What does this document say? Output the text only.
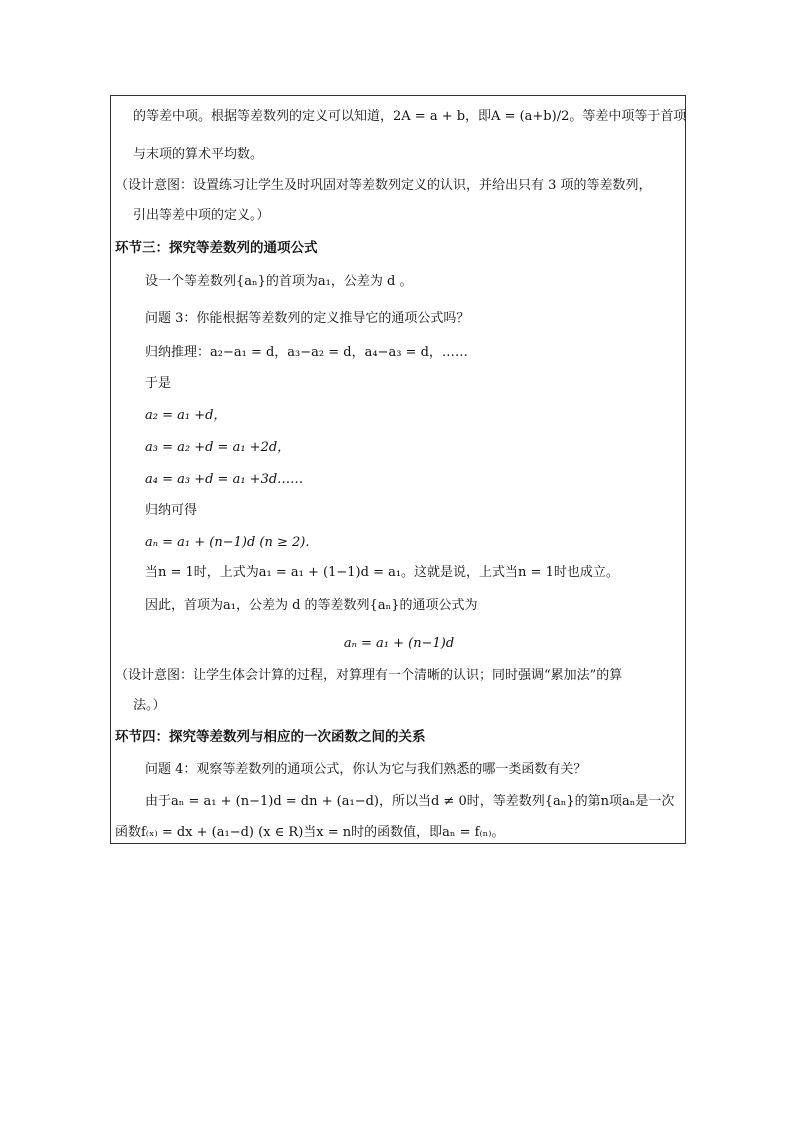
的等差中项。根据等差数列的定义可以知道，2A = a + b，即A = (a+b)/2。等差中项等于首项
与末项的算术平均数。
（设计意图：设置练习让学生及时巩固对等差数列定义的认识，并给出只有 3 项的等差数列，
引出等差中项的定义。）
环节三：探究等差数列的通项公式
设一个等差数列{aₙ}的首项为a₁，公差为 d 。
问题 3：你能根据等差数列的定义推导它的通项公式吗？
归纳推理：a₂−a₁ = d，a₃−a₂ = d，a₄−a₃ = d，……
于是
a₂ = a₁ +d，
a₃ = a₂ +d = a₁ +2d，
a₄ = a₃ +d = a₁ +3d……
归纳可得
aₙ = a₁ + (n−1)d (n ≥ 2).
当n = 1时，上式为a₁ = a₁ + (1−1)d = a₁。这就是说，上式当n = 1时也成立。
因此，首项为a₁，公差为 d 的等差数列{aₙ}的通项公式为
aₙ = a₁ + (n−1)d
（设计意图：让学生体会计算的过程，对算理有一个清晰的认识；同时强调“累加法”的算
法。）
环节四：探究等差数列与相应的一次函数之间的关系
问题 4：观察等差数列的通项公式，你认为它与我们熟悉的哪一类函数有关？
由于aₙ = a₁ + (n−1)d = dn + (a₁−d)，所以当d ≠ 0时，等差数列{aₙ}的第n项aₙ是一次
函数f₍ₓ₎ = dx + (a₁−d) (x ∈ R)当x = n时的函数值，即aₙ = f₍ₙ₎。
